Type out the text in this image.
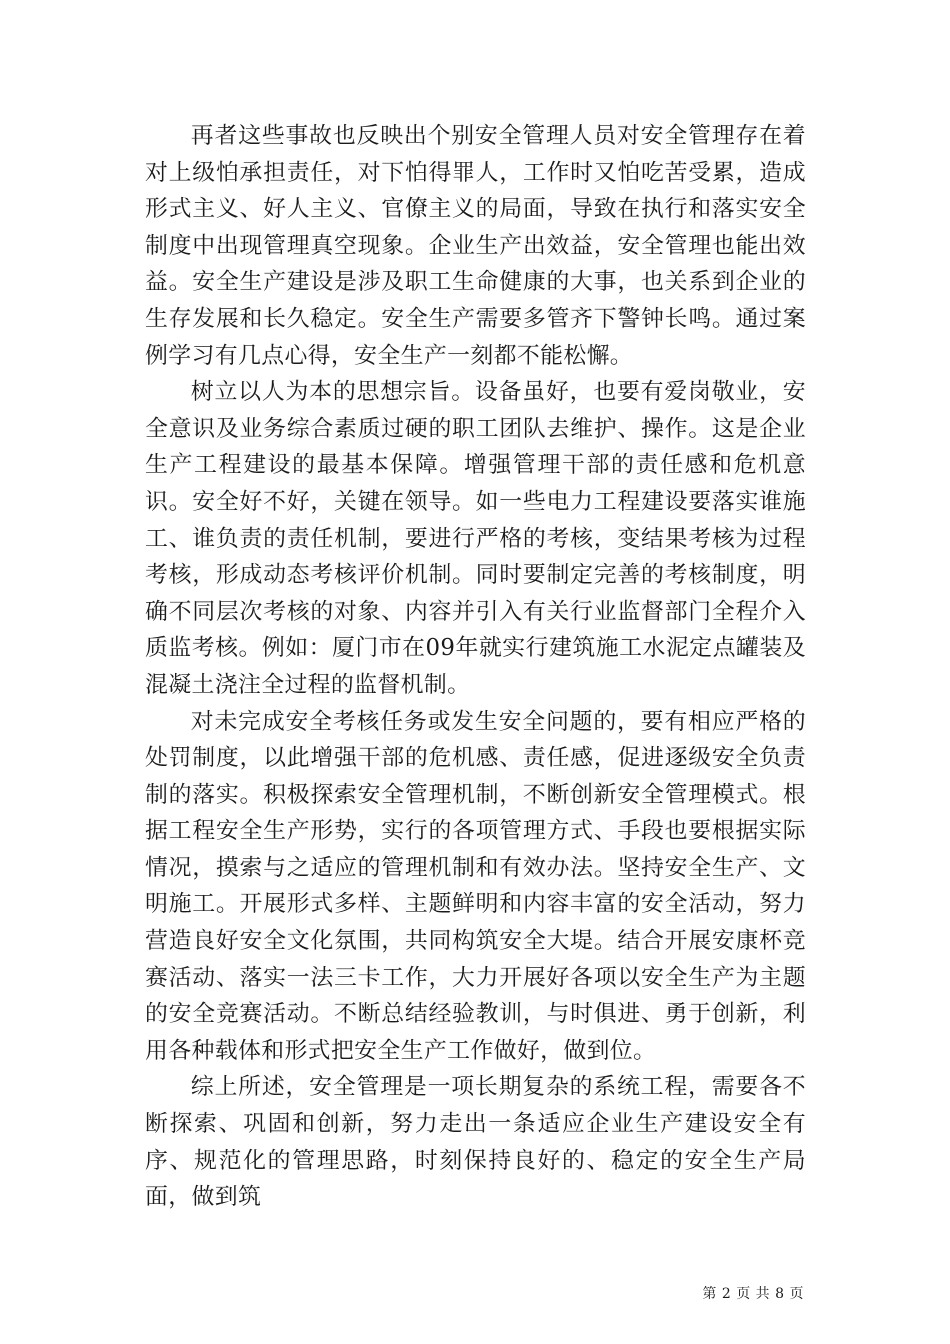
再者这些事故也反映出个别安全管理人员对安全管理存在着对上级怕承担责任，对下怕得罪人，工作时又怕吃苦受累，造成形式主义、好人主义、官僚主义的局面，导致在执行和落实安全制度中出现管理真空现象。企业生产出效益，安全管理也能出效益。安全生产建设是涉及职工生命健康的大事，也关系到企业的生存发展和长久稳定。安全生产需要多管齐下警钟长鸣。通过案例学习有几点心得，安全生产一刻都不能松懈。

树立以人为本的思想宗旨。设备虽好，也要有爱岗敬业，安全意识及业务综合素质过硬的职工团队去维护、操作。这是企业生产工程建设的最基本保障。增强管理干部的责任感和危机意识。安全好不好，关键在领导。如一些电力工程建设要落实谁施工、谁负责的责任机制，要进行严格的考核，变结果考核为过程考核，形成动态考核评价机制。同时要制定完善的考核制度，明确不同层次考核的对象、内容并引入有关行业监督部门全程介入质监考核。例如：厦门市在09年就实行建筑施工水泥定点罐装及混凝土浇注全过程的监督机制。

对未完成安全考核任务或发生安全问题的，要有相应严格的处罚制度，以此增强干部的危机感、责任感，促进逐级安全负责制的落实。积极探索安全管理机制，不断创新安全管理模式。根据工程安全生产形势，实行的各项管理方式、手段也要根据实际情况，摸索与之适应的管理机制和有效办法。坚持安全生产、文明施工。开展形式多样、主题鲜明和内容丰富的安全活动，努力营造良好安全文化氛围，共同构筑安全大堤。结合开展安康杯竞赛活动、落实一法三卡工作，大力开展好各项以安全生产为主题的安全竞赛活动。不断总结经验教训，与时俱进、勇于创新，利用各种载体和形式把安全生产工作做好，做到位。

综上所述，安全管理是一项长期复杂的系统工程，需要各不断探索、巩固和创新，努力走出一条适应企业生产建设安全有序、规范化的管理思路，时刻保持良好的、稳定的安全生产局面，做到筑

第 2 页 共 8 页
